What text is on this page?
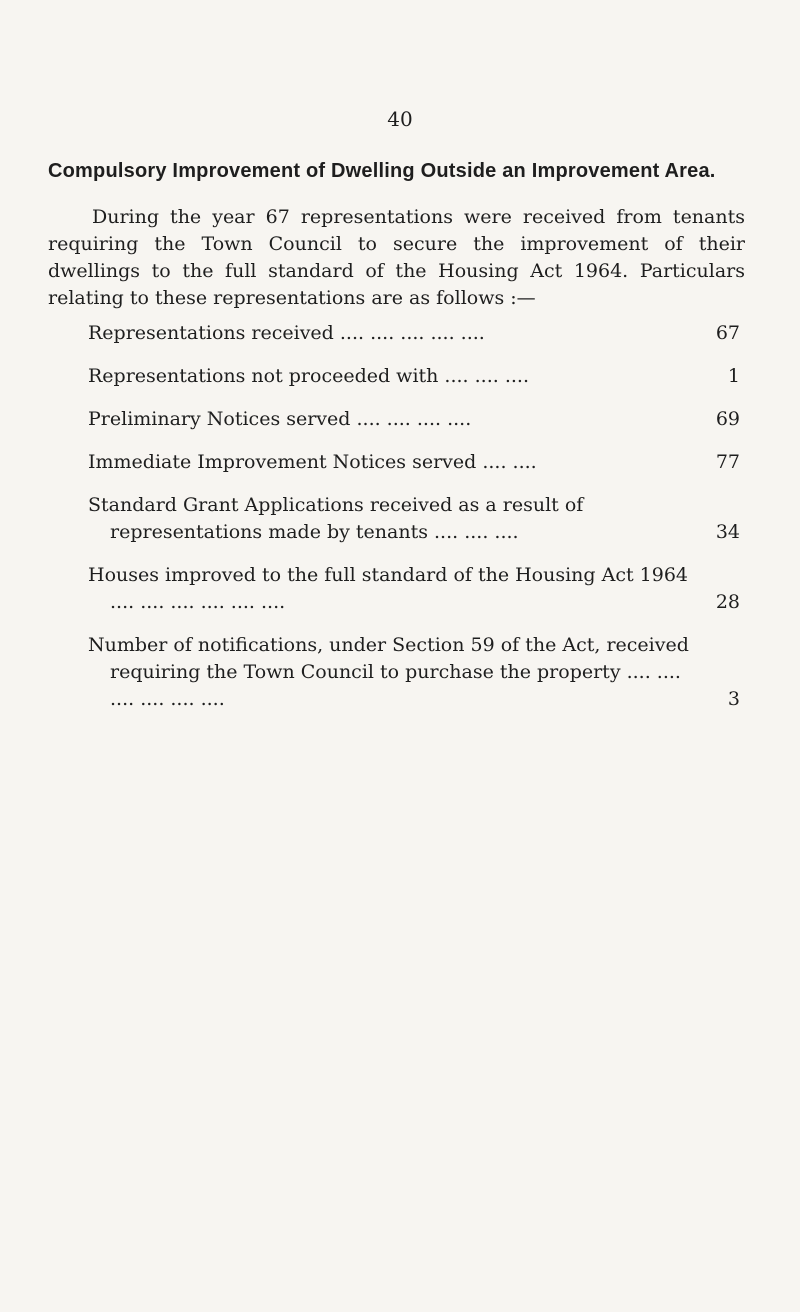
40
Compulsory Improvement of Dwelling Outside an Improvement Area.

During the year 67 representations were received from tenants requiring the Town Council to secure the improvement of their dwellings to the full standard of the Housing Act 1964. Particulars relating to these representations are as follows :—

Representations received .... .... .... .... ....	67
Representations not proceeded with .... .... ....	1
Preliminary Notices served .... .... .... ....	69
Immediate Improvement Notices served .... ....	77
Standard Grant Applications received as a result of representations made by tenants .... .... ....	34
Houses improved to the full standard of the Housing Act 1964 .... .... .... .... .... ....	28
Number of notifications, under Section 59 of the Act, received requiring the Town Council to purchase the property .... .... .... .... .... ....	3
